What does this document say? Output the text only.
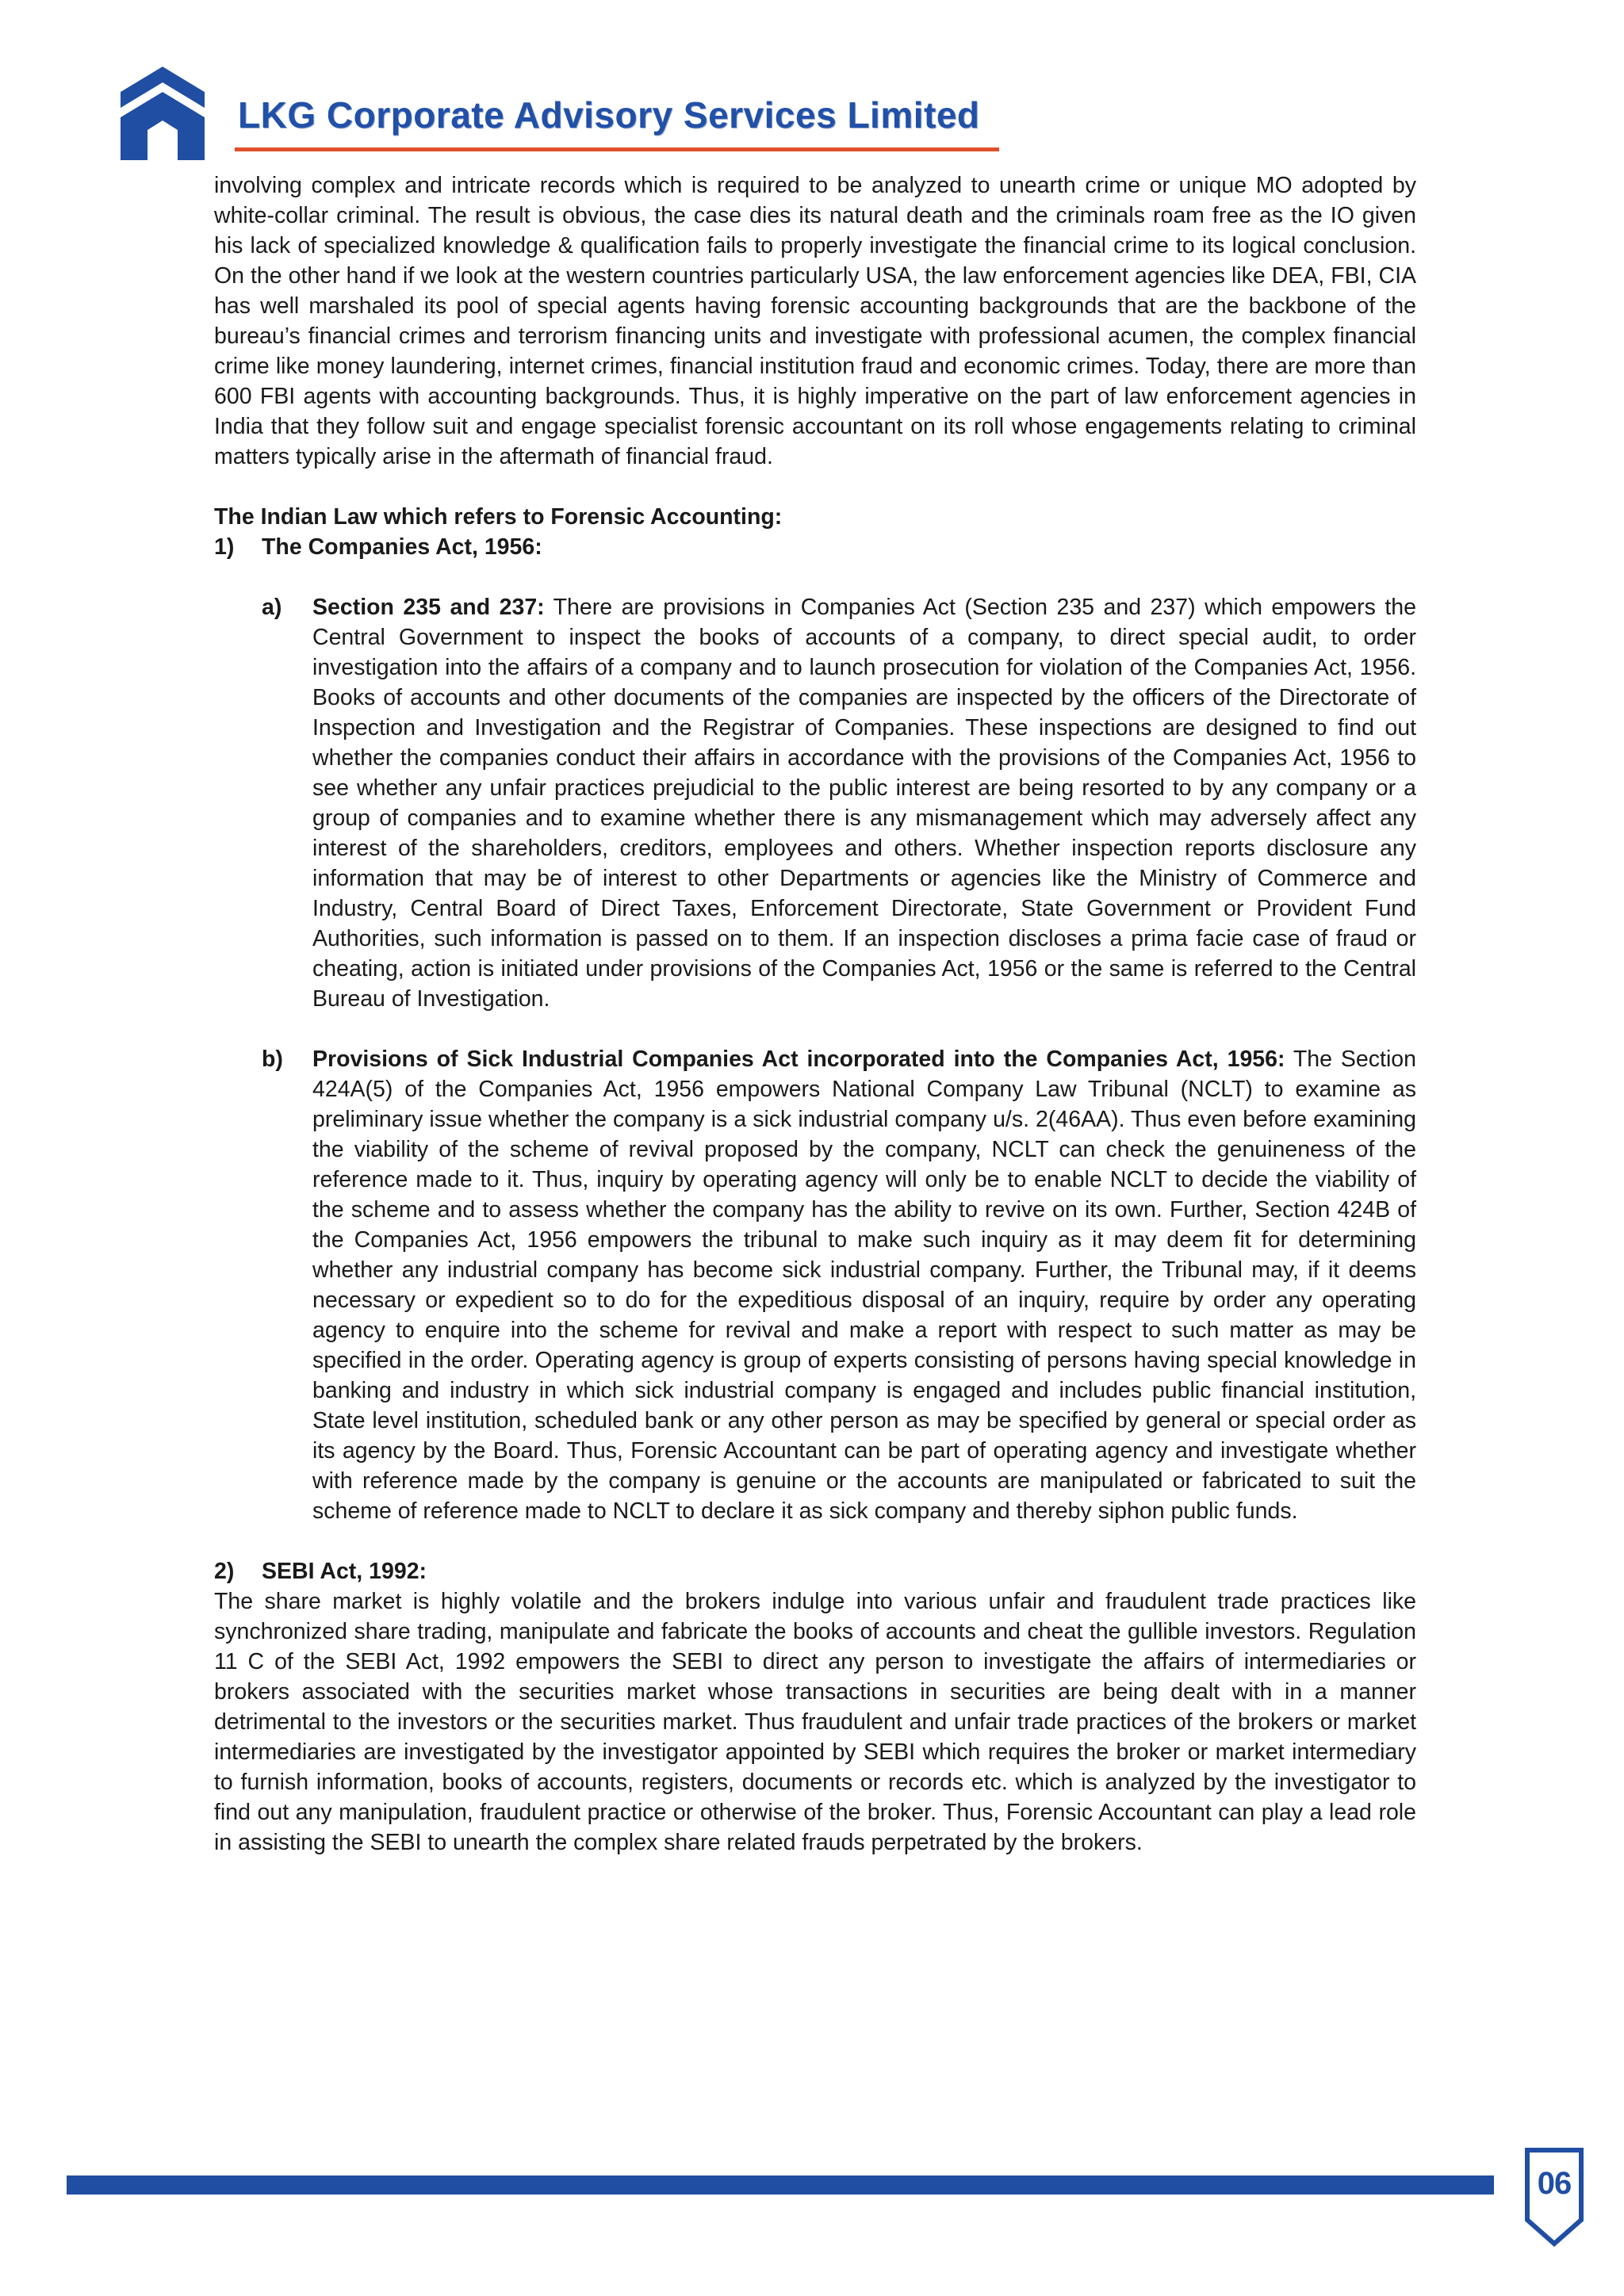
LKG Corporate Advisory Services Limited

involving complex and intricate records which is required to be analyzed to unearth crime or unique MO adopted by white-collar criminal. The result is obvious, the case dies its natural death and the criminals roam free as the IO given his lack of specialized knowledge & qualification fails to properly investigate the financial crime to its logical conclusion. On the other hand if we look at the western countries particularly USA, the law enforcement agencies like DEA, FBI, CIA has well marshaled its pool of special agents having forensic accounting backgrounds that are the backbone of the bureau’s financial crimes and terrorism financing units and investigate with professional acumen, the complex financial crime like money laundering, internet crimes, financial institution fraud and economic crimes. Today, there are more than 600 FBI agents with accounting backgrounds. Thus, it is highly imperative on the part of law enforcement agencies in India that they follow suit and engage specialist forensic accountant on its roll whose engagements relating to criminal matters typically arise in the aftermath of financial fraud.

The Indian Law which refers to Forensic Accounting:

1)	The Companies Act, 1956:
a)	Section 235 and 237: There are provisions in Companies Act (Section 235 and 237) which empowers the Central Government to inspect the books of accounts of a company, to direct special audit, to order investigation into the affairs of a company and to launch prosecution for violation of the Companies Act, 1956. Books of accounts and other documents of the companies are inspected by the officers of the Directorate of Inspection and Investigation and the Registrar of Companies. These inspections are designed to find out whether the companies conduct their affairs in accordance with the provisions of the Companies Act, 1956 to see whether any unfair practices prejudicial to the public interest are being resorted to by any company or a group of companies and to examine whether there is any mismanagement which may adversely affect any interest of the shareholders, creditors, employees and others. Whether inspection reports disclosure any information that may be of interest to other Departments or agencies like the Ministry of Commerce and Industry, Central Board of Direct Taxes, Enforcement Directorate, State Government or Provident Fund Authorities, such information is passed on to them. If an inspection discloses a prima facie case of fraud or cheating, action is initiated under provisions of the Companies Act, 1956 or the same is referred to the Central Bureau of Investigation.

b)	Provisions of Sick Industrial Companies Act incorporated into the Companies Act, 1956: The Section 424A(5) of the Companies Act, 1956 empowers National Company Law Tribunal (NCLT) to examine as preliminary issue whether the company is a sick industrial company u/s. 2(46AA). Thus even before examining the viability of the scheme of revival proposed by the company, NCLT can check the genuineness of the reference made to it. Thus, inquiry by operating agency will only be to enable NCLT to decide the viability of the scheme and to assess whether the company has the ability to revive on its own. Further, Section 424B of the Companies Act, 1956 empowers the tribunal to make such inquiry as it may deem fit for determining whether any industrial company has become sick industrial company. Further, the Tribunal may, if it deems necessary or expedient so to do for the expeditious disposal of an inquiry, require by order any operating agency to enquire into the scheme for revival and make a report with respect to such matter as may be specified in the order. Operating agency is group of experts consisting of persons having special knowledge in banking and industry in which sick industrial company is engaged and includes public financial institution, State level institution, scheduled bank or any other person as may be specified by general or special order as its agency by the Board. Thus, Forensic Accountant can be part of operating agency and investigate whether with reference made by the company is genuine or the accounts are manipulated or fabricated to suit the scheme of reference made to NCLT to declare it as sick company and thereby siphon public funds.

2)	SEBI Act, 1992:

The share market is highly volatile and the brokers indulge into various unfair and fraudulent trade practices like synchronized share trading, manipulate and fabricate the books of accounts and cheat the gullible investors. Regulation 11 C of the SEBI Act, 1992 empowers the SEBI to direct any person to investigate the affairs of intermediaries or brokers associated with the securities market whose transactions in securities are being dealt with in a manner detrimental to the investors or the securities market. Thus fraudulent and unfair trade practices of the brokers or market intermediaries are investigated by the investigator appointed by SEBI which requires the broker or market intermediary to furnish information, books of accounts, registers, documents or records etc. which is analyzed by the investigator to find out any manipulation, fraudulent practice or otherwise of the broker. Thus, Forensic Accountant can play a lead role in assisting the SEBI to unearth the complex share related frauds perpetrated by the brokers.

06
